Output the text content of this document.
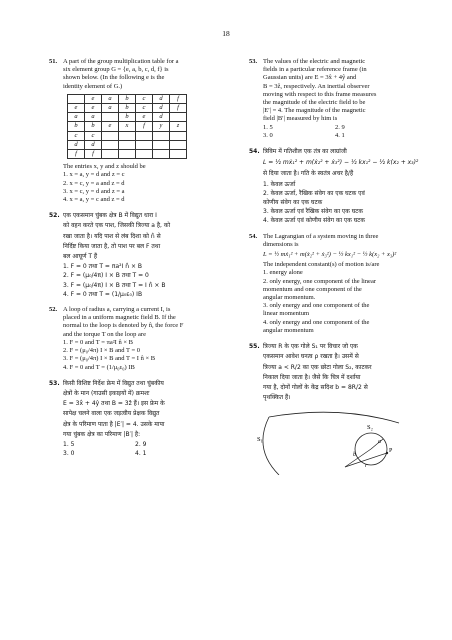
18
51. A part of the group multiplication table for a
six element group G = {e, a, b, c, d, f} is
shown below. (In the following e is the
identity element of G.)
	e	a	b	c	d	f
e	e	a	b	c	d	f
a	a		b	e	d	
b	b	e	x	f	y	z
c	c					
d	d					
f	f					
The entries x, y and z should be
1. x = a, y = d and z = c
2. x = c, y = a and z = d
3. x = c, y = d and z = a
4. x = a, y = c and z = d
52. एक एकसमान चुंबक क्षेत्र B में विद्युत धारा I
को वहन करते एक पाश, जिसकी त्रिज्या a है, को
रखा जाता है। यदि पाश से लंब दिशा को n̂ से
निर्दिष्ट किया जाता है, तो पाश पर बल F तथा
बल आघूर्ण T हैं
1. F = 0 तथा T = πa²I n̂ × B
2. F = (μ₀/4π) I × B तथा T = 0
3. F = (μ₀/4π) I × B तथा T = I n̂ × B
4. F = 0 तथा T = (1/μ₀ε₀) IB
52. A loop of radius a, carrying a current I, is
placed in a uniform magnetic field B. If the
normal to the loop is denoted by n̂, the force F
and the torque T on the loop are
1. F = 0 and T = πa²I n̂ × B
2. F = (μ₀/4π) I × B and T = 0
3. F = (μ₀/4π) I × B and T = I n̂ × B
4. F = 0 and T = (1/μ₀ε₀) IB
53. किसी विशिष्ट निर्देश फ्रेम में विद्युत तथा चुंबकीय
क्षेत्रों के मान (गाउसी इकाइयों में) क्रमशः
E = 3x̂ + 4ŷ तथा B = 3ẑ हैं। इस फ्रेम के
सापेक्ष चलने वाला एक जड़त्वीय प्रेक्षक विद्युत
क्षेत्र के परिमाण पाता है |E′| = 4. उसके मापा
गया चुंबक क्षेत्र का परिमाण |B′| है:
1. 5	2. 9
3. 0	4. 1
53. The values of the electric and magnetic
fields in a particular reference frame (in
Gaussian units) are E = 3x̂ + 4ŷ and
B = 3ẑ, respectively. An inertial observer
moving with respect to this frame measures
the magnitude of the electric field to be
|E′| = 4. The magnitude of the magnetic
field |B′| measured by him is
1. 5	2. 9
3. 0	4. 1
54. त्रिविम में गतिशील एक तंत्र का लाग्रांजी
L = ½ mẋ₁² + m(ẋ₂² + ẋ₃²) − ½ kx₁² − ½ k(x₂ + x₃)²
से दिया जाता है। गति के स्वतंत्र अचर है/हैं
1. केवल ऊर्जा
2. केवल ऊर्जा, रैखिक संवेग का एक घटक एवं
कोणीय संवेग का एक घटक
3. केवल ऊर्जा एवं रैखिक संवेग का एक घटक
4. केवल ऊर्जा एवं कोणीय संवेग का एक घटक
54. The Lagrangian of a system moving in three
dimensions is
L = ½ mẋ₁² + m(ẋ₂² + ẋ₃²) − ½ kx₁² − ½ k(x₂ + x₃)²
The independent constant(s) of motion is/are
1. energy alone
2. only energy, one component of the linear
momentum and one component of the
angular momentum.
3. only energy and one component of the
linear momentum
4. only energy and one component of the
angular momentum
55. त्रिज्या R के एक गोले S₁ पर विचार जो एक
एकसमान आवेश घनत्व ρ रखता है। उसमें से
त्रिज्या a < R/2 का एक छोटा गोला S₂, काटकर
निकाल दिया जाता है। जैसे कि चित्र में दर्शाया
गया है, दोनों गोलों के केंद्र सदिश b = 8R/2 से
पृथक्कित हैं।
S₁
S₂
a
b
r
P
